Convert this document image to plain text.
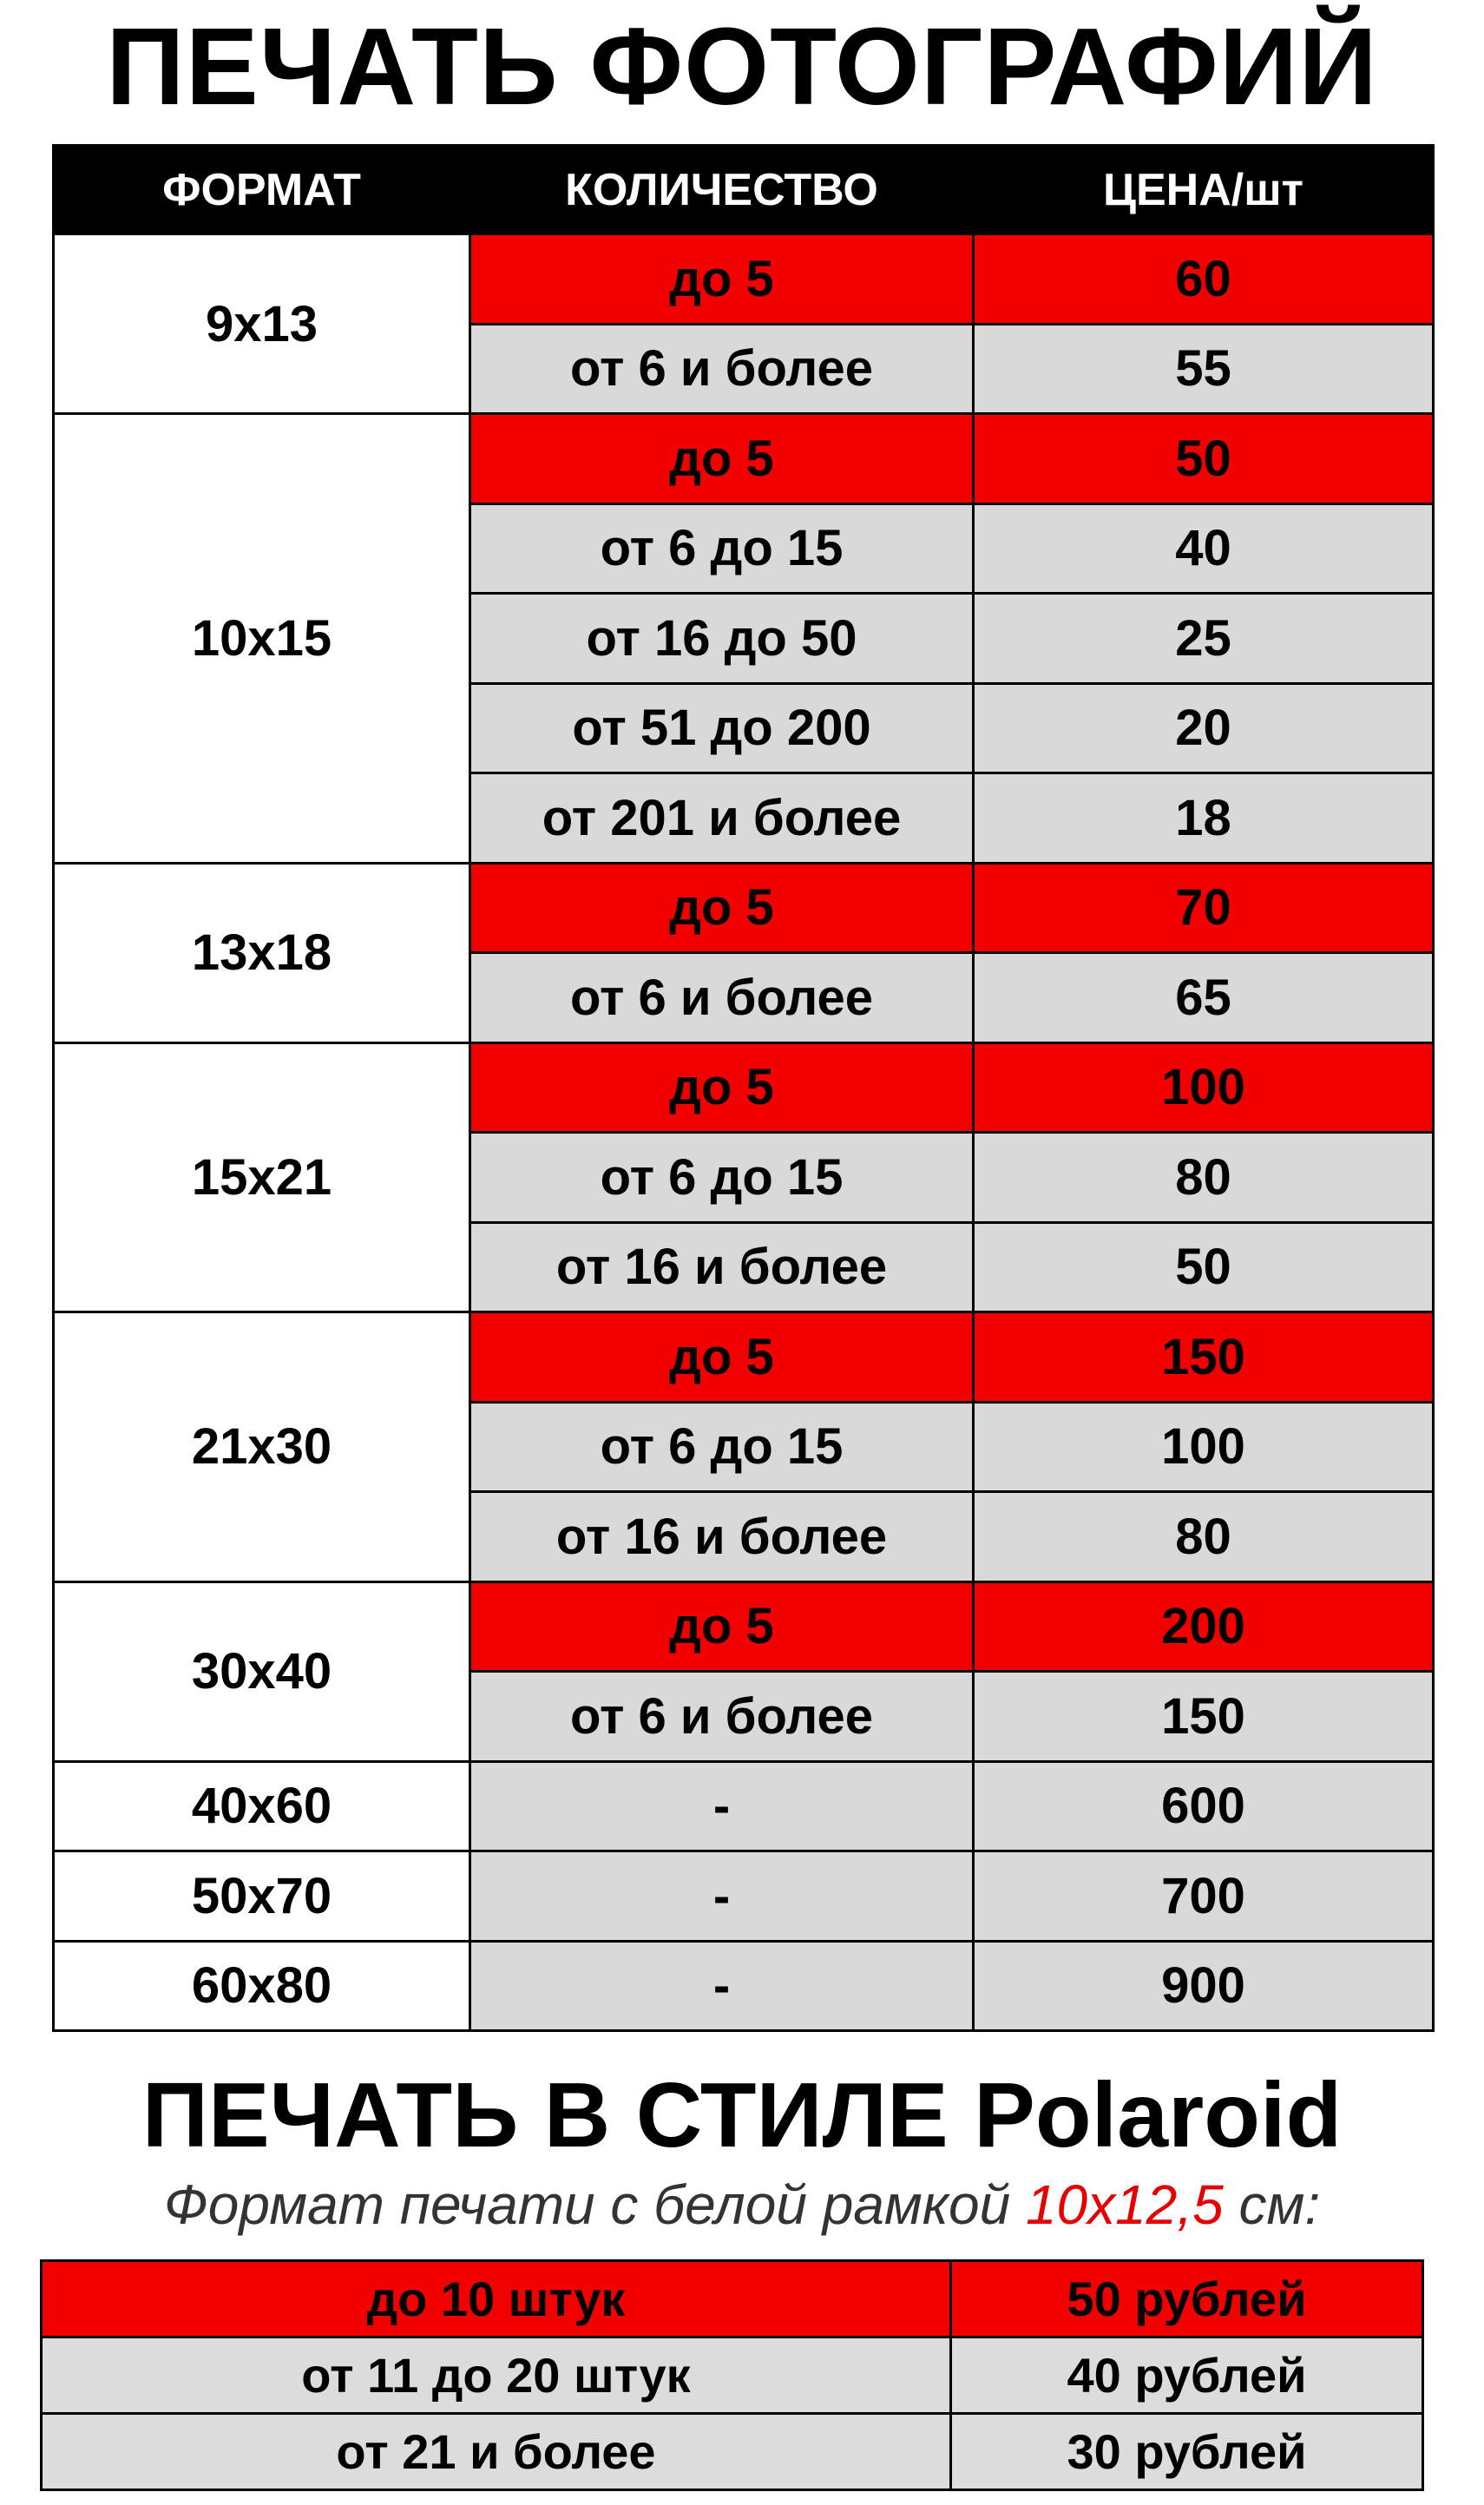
ПЕЧАТЬ ФОТОГРАФИЙ
ФОРМАТ	КОЛИЧЕСТВО	ЦЕНА/шт
9x13	до 5	60
	от 6 и более	55
10x15	до 5	50
	от 6 до 15	40
	от 16 до 50	25
	от 51 до 200	20
	от 201 и более	18
13x18	до 5	70
	от 6 и более	65
15x21	до 5	100
	от 6 до 15	80
	от 16 и более	50
21x30	до 5	150
	от 6 до 15	100
	от 16 и более	80
30x40	до 5	200
	от 6 и более	150
40x60	-	600
50x70	-	700
60x80	-	900
ПЕЧАТЬ В СТИЛЕ Polaroid
Формат печати с белой рамкой 10x12,5 см:
до 10 штук	50 рублей
от 11 до 20 штук	40 рублей
от 21 и более	30 рублей
